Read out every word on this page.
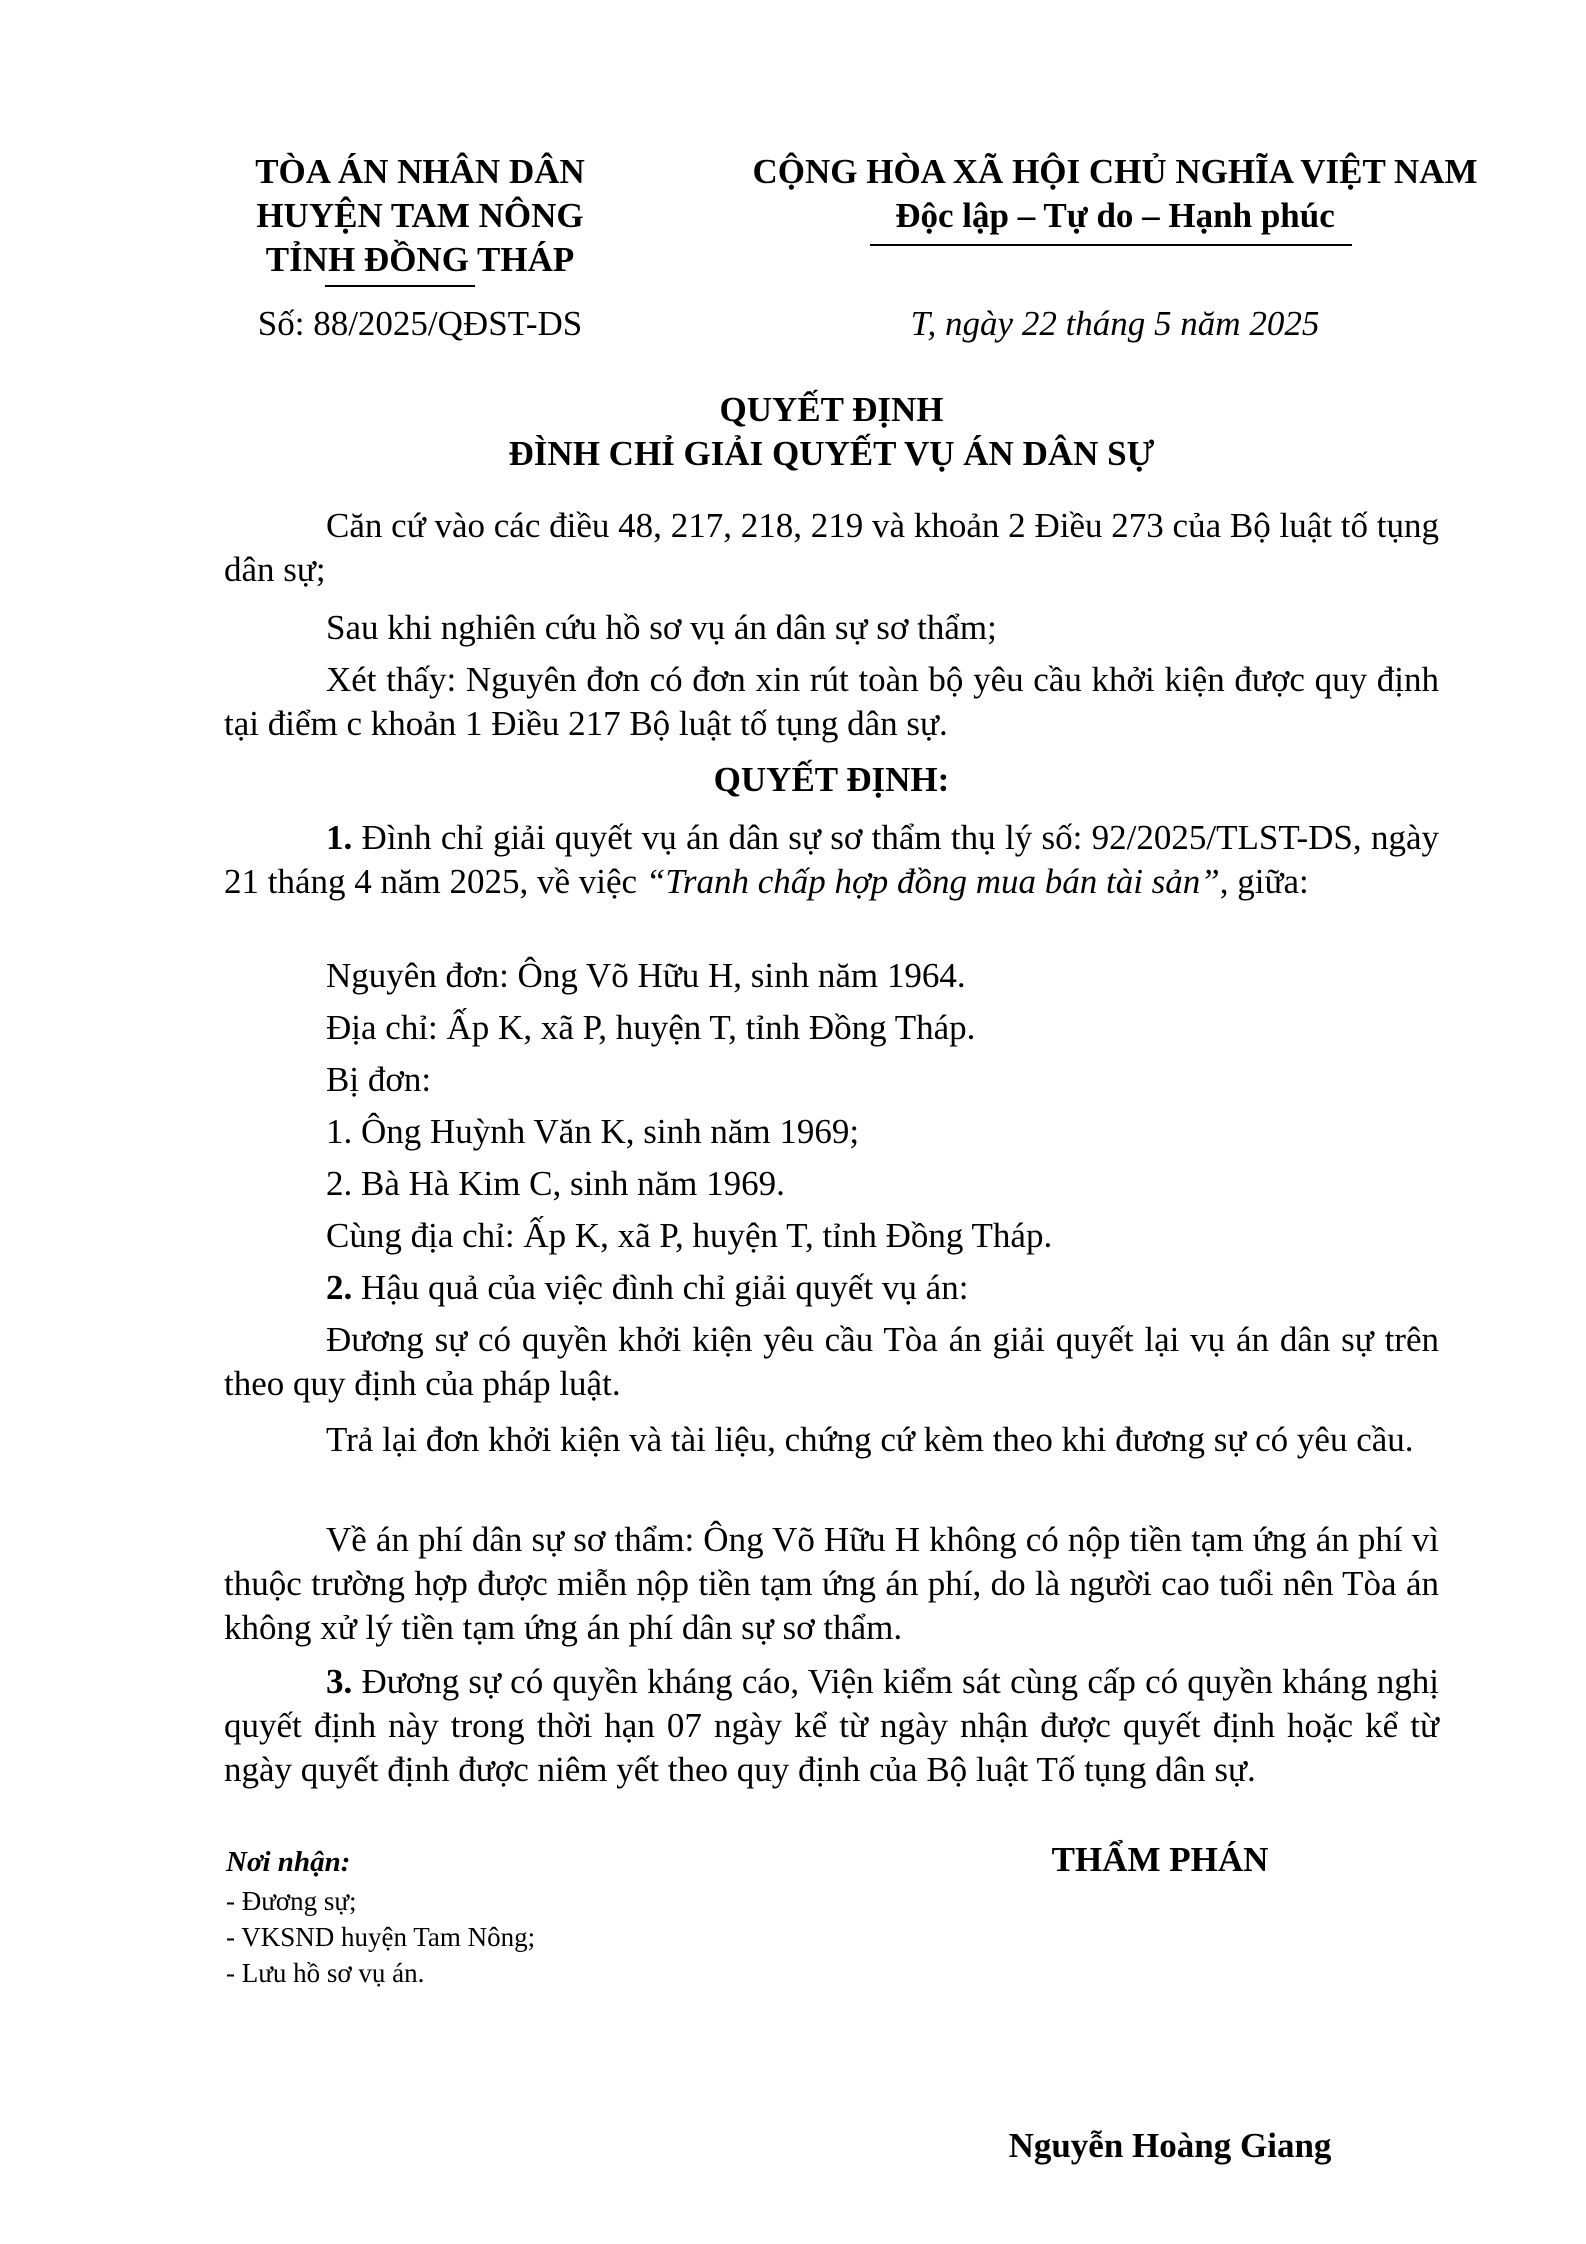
TÒA ÁN NHÂN DÂN
HUYỆN TAM NÔNG
TỈNH ĐỒNG THÁP
Số: 88/2025/QĐST-DS
CỘNG HÒA XÃ HỘI CHỦ NGHĨA VIỆT NAM
Độc lập – Tự do – Hạnh phúc
T, ngày 22 tháng 5 năm 2025
QUYẾT ĐỊNH
ĐÌNH CHỈ GIẢI QUYẾT VỤ ÁN DÂN SỰ
Căn cứ vào các điều 48, 217, 218, 219 và khoản 2 Điều 273 của Bộ luật tố tụng dân sự;
Sau khi nghiên cứu hồ sơ vụ án dân sự sơ thẩm;
Xét thấy: Nguyên đơn có đơn xin rút toàn bộ yêu cầu khởi kiện được quy định tại điểm c khoản 1 Điều 217 Bộ luật tố tụng dân sự.
QUYẾT ĐỊNH:
1. Đình chỉ giải quyết vụ án dân sự sơ thẩm thụ lý số: 92/2025/TLST-DS, ngày 21 tháng 4 năm 2025, về việc “Tranh chấp hợp đồng mua bán tài sản”, giữa:
Nguyên đơn: Ông Võ Hữu H, sinh năm 1964.
Địa chỉ: Ấp K, xã P, huyện T, tỉnh Đồng Tháp.
Bị đơn:
1. Ông Huỳnh Văn K, sinh năm 1969;
2. Bà Hà Kim C, sinh năm 1969.
Cùng địa chỉ: Ấp K, xã P, huyện T, tỉnh Đồng Tháp.
2. Hậu quả của việc đình chỉ giải quyết vụ án:
Đương sự có quyền khởi kiện yêu cầu Tòa án giải quyết lại vụ án dân sự trên theo quy định của pháp luật.
Trả lại đơn khởi kiện và tài liệu, chứng cứ kèm theo khi đương sự có yêu cầu.
Về án phí dân sự sơ thẩm: Ông Võ Hữu H không có nộp tiền tạm ứng án phí vì thuộc trường hợp được miễn nộp tiền tạm ứng án phí, do là người cao tuổi nên Tòa án không xử lý tiền tạm ứng án phí dân sự sơ thẩm.
3. Đương sự có quyền kháng cáo, Viện kiểm sát cùng cấp có quyền kháng nghị quyết định này trong thời hạn 07 ngày kể từ ngày nhận được quyết định hoặc kể từ ngày quyết định được niêm yết theo quy định của Bộ luật Tố tụng dân sự.
Nơi nhận:
- Đương sự;
- VKSND huyện Tam Nông;
- Lưu hồ sơ vụ án.
THẨM PHÁN
Nguyễn Hoàng Giang
